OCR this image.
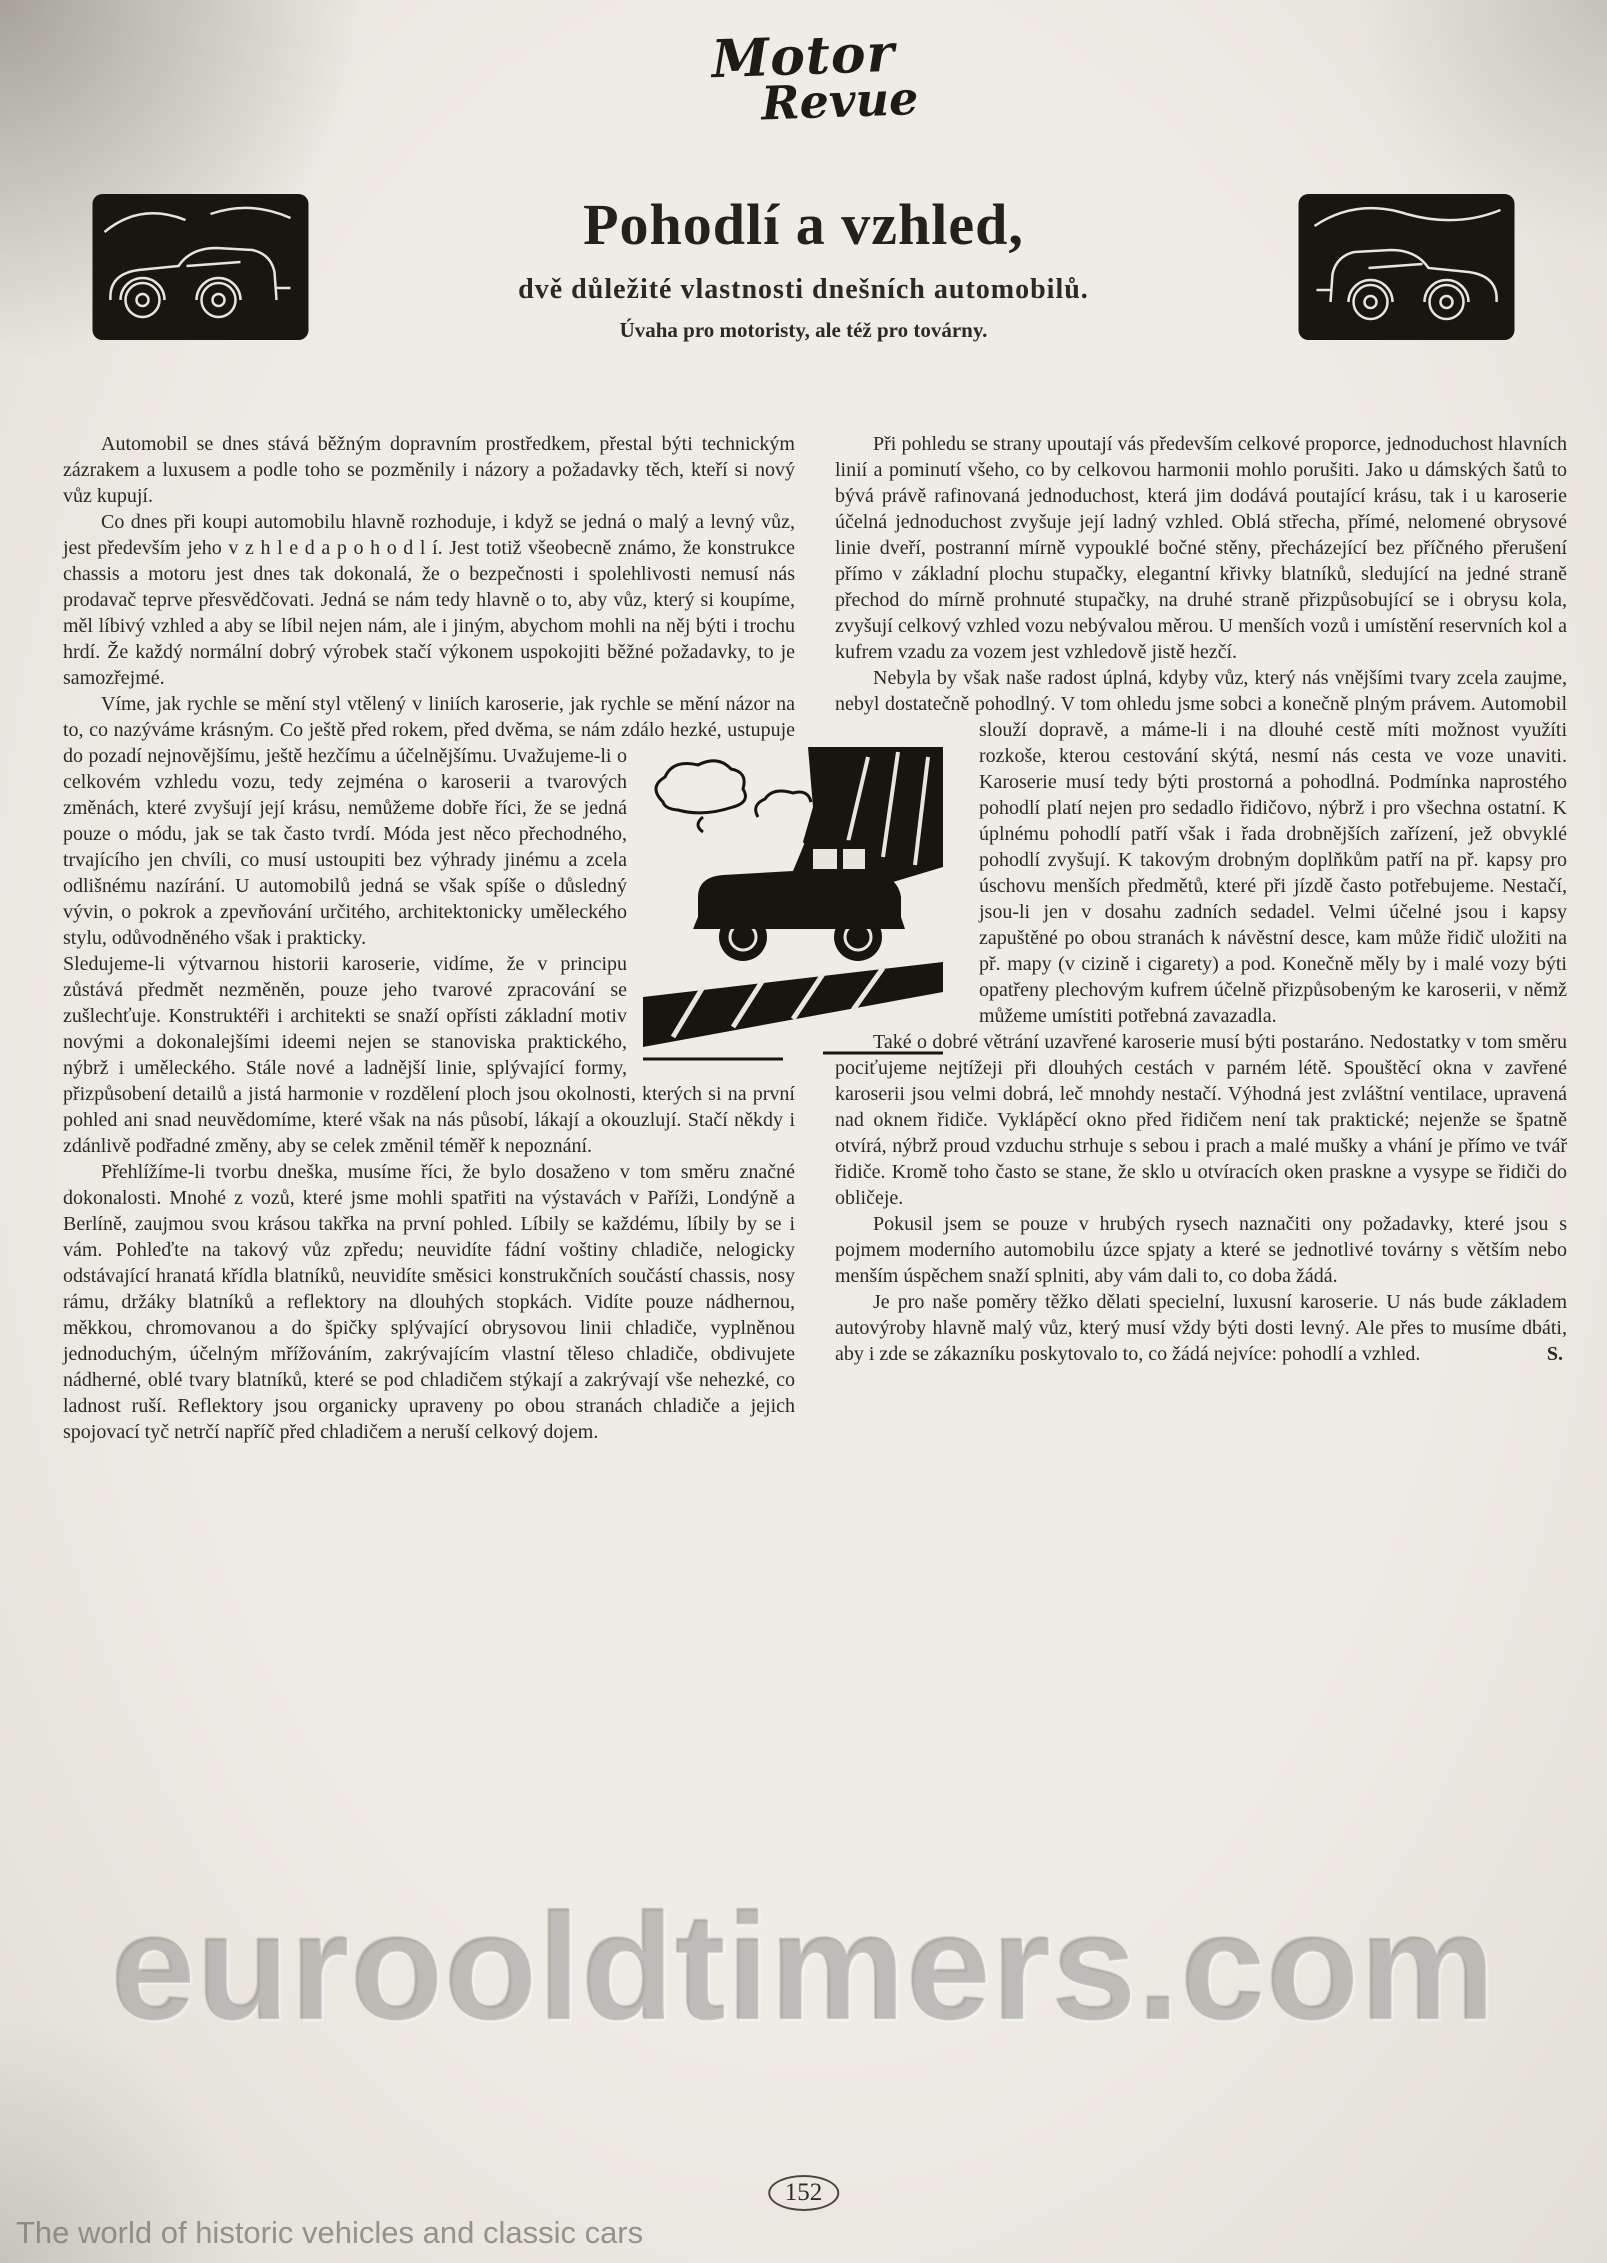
Motor
Revue
Pohodlí a vzhled,
dvě důležité vlastnosti dnešních automobilů.
Úvaha pro motoristy, ale též pro továrny.

Automobil se dnes stává běžným dopravním prostředkem, přestal býti technickým zázrakem a luxusem a podle toho se pozměnily i názory a požadavky těch, kteří si nový vůz kupují.

Co dnes při koupi automobilu hlavně rozhoduje, i když se jedná o malý a levný vůz, jest především jeho v z h l e d a p o h o d l í. Jest totiž všeobecně známo, že konstrukce chassis a motoru jest dnes tak dokonalá, že o bezpečnosti i spolehlivosti nemusí nás prodavač teprve přesvědčovati. Jedná se nám tedy hlavně o to, aby vůz, který si koupíme, měl líbivý vzhled a aby se líbil nejen nám, ale i jiným, abychom mohli na něj býti i trochu hrdí. Že každý normální dobrý výrobek stačí výkonem uspokojiti běžné požadavky, to je samozřejmé.

Víme, jak rychle se mění styl vtělený v liniích karoserie, jak rychle se mění názor na to, co nazýváme krásným. Co ještě před rokem, před dvěma, se nám zdálo hezké, ustupuje do pozadí nejnovějšímu, ještě hezčímu a účelnějšímu. Uvažujeme-li o celkovém vzhledu vozu, tedy zejména o karoserii a tvarových změnách, které zvyšují její krásu, nemůžeme dobře říci, že se jedná pouze o módu, jak se tak často tvrdí. Móda jest něco přechodného, trvajícího jen chvíli, co musí ustoupiti bez výhrady jinému a zcela odlišnému nazírání. U automobilů jedná se však spíše o důsledný vývin, o pokrok a zpevňování určitého, architektonicky uměleckého stylu, odůvodněného však i prakticky.

Sledujeme-li výtvarnou historii karoserie, vidíme, že v principu zůstává předmět nezměněn, pouze jeho tvarové zpracování se zušlechťuje. Konstruktéři i architekti se snaží opřísti základní motiv novými a dokonalejšími ideemi nejen se stanoviska praktického, nýbrž i uměleckého. Stále nové a ladnější linie, splývající formy, přizpůsobení detailů a jistá harmonie v rozdělení ploch jsou okolnosti, kterých si na první pohled ani snad neuvědomíme, které však na nás působí, lákají a okouzlují. Stačí někdy i zdánlivě podřadné změny, aby se celek změnil téměř k nepoznání.

Přehlížíme-li tvorbu dneška, musíme říci, že bylo dosaženo v tom směru značné dokonalosti. Mnohé z vozů, které jsme mohli spatřiti na výstavách v Paříži, Londýně a Berlíně, zaujmou svou krásou takřka na první pohled. Líbily se každému, líbily by se i vám. Pohleďte na takový vůz zpředu; neuvidíte fádní voštiny chladiče, nelogicky odstávající hranatá křídla blatníků, neuvidíte směsici konstrukčních součástí chassis, nosy rámu, držáky blatníků a reflektory na dlouhých stopkách. Vidíte pouze nádhernou, měkkou, chromovanou a do špičky splývající obrysovou linii chladiče, vyplněnou jednoduchým, účelným mřížováním, zakrývajícím vlastní těleso chladiče, obdivujete nádherné, oblé tvary blatníků, které se pod chladičem stýkají a zakrývají vše nehezké, co ladnost ruší. Reflektory jsou organicky upraveny po obou stranách chladiče a jejich spojovací tyč netrčí napříč před chladičem a neruší celkový dojem.

Při pohledu se strany upoutají vás především celkové proporce, jednoduchost hlavních linií a pominutí všeho, co by celkovou harmonii mohlo porušiti. Jako u dámských šatů to bývá právě rafinovaná jednoduchost, která jim dodává poutající krásu, tak i u karoserie účelná jednoduchost zvyšuje její ladný vzhled. Oblá střecha, přímé, nelomené obrysové linie dveří, postranní mírně vypouklé bočné stěny, přecházející bez příčného přerušení přímo v základní plochu stupačky, elegantní křivky blatníků, sledující na jedné straně přechod do mírně prohnuté stupačky, na druhé straně přizpůsobující se i obrysu kola, zvyšují celkový vzhled vozu nebývalou měrou. U menších vozů i umístění reservních kol a kufrem vzadu za vozem jest vzhledově jistě hezčí.

Nebyla by však naše radost úplná, kdyby vůz, který nás vnějšími tvary zcela zaujme, nebyl dostatečně pohodlný. V tom ohledu jsme sobci a konečně plným právem. Automobil slouží dopravě, a máme-li i na dlouhé cestě míti možnost využíti rozkoše, kterou cestování skýtá, nesmí nás cesta ve voze unaviti. Karoserie musí tedy býti prostorná a pohodlná. Podmínka naprostého pohodlí platí nejen pro sedadlo řidičovo, nýbrž i pro všechna ostatní. K úplnému pohodlí patří však i řada drobnějších zařízení, jež obvyklé pohodlí zvyšují. K takovým drobným doplňkům patří na př. kapsy pro úschovu menších předmětů, které při jízdě často potřebujeme. Nestačí, jsou-li jen v dosahu zadních sedadel. Velmi účelné jsou i kapsy zapuštěné po obou stranách k návěstní desce, kam může řidič uložiti na př. mapy (v cizině i cigarety) a pod. Konečně měly by i malé vozy býti opatřeny plechovým kufrem účelně přizpůsobeným ke karoserii, v němž můžeme umístiti potřebná zavazadla.

Také o dobré větrání uzavřené karoserie musí býti postaráno. Nedostatky v tom směru pociťujeme nejtížeji při dlouhých cestách v parném létě. Spouštěcí okna v zavřené karoserii jsou velmi dobrá, leč mnohdy nestačí. Výhodná jest zvláštní ventilace, upravená nad oknem řidiče. Vyklápěcí okno před řidičem není tak praktické; nejenže se špatně otvírá, nýbrž proud vzduchu strhuje s sebou i prach a malé mušky a vhání je přímo ve tvář řidiče. Kromě toho často se stane, že sklo u otvíracích oken praskne a vysype se řidiči do obličeje.

Pokusil jsem se pouze v hrubých rysech naznačiti ony požadavky, které jsou s pojmem moderního automobilu úzce spjaty a které se jednotlivé továrny s větším nebo menším úspěchem snaží splniti, aby vám dali to, co doba žádá.

Je pro naše poměry těžko dělati specielní, luxusní karoserie. U nás bude základem autovýroby hlavně malý vůz, který musí vždy býti dosti levný. Ale přes to musíme dbáti, aby i zde se zákazníku poskytovalo to, co žádá nejvíce: pohodlí a vzhled.	S.

eurooldtimers.com
152
The world of historic vehicles and classic cars
